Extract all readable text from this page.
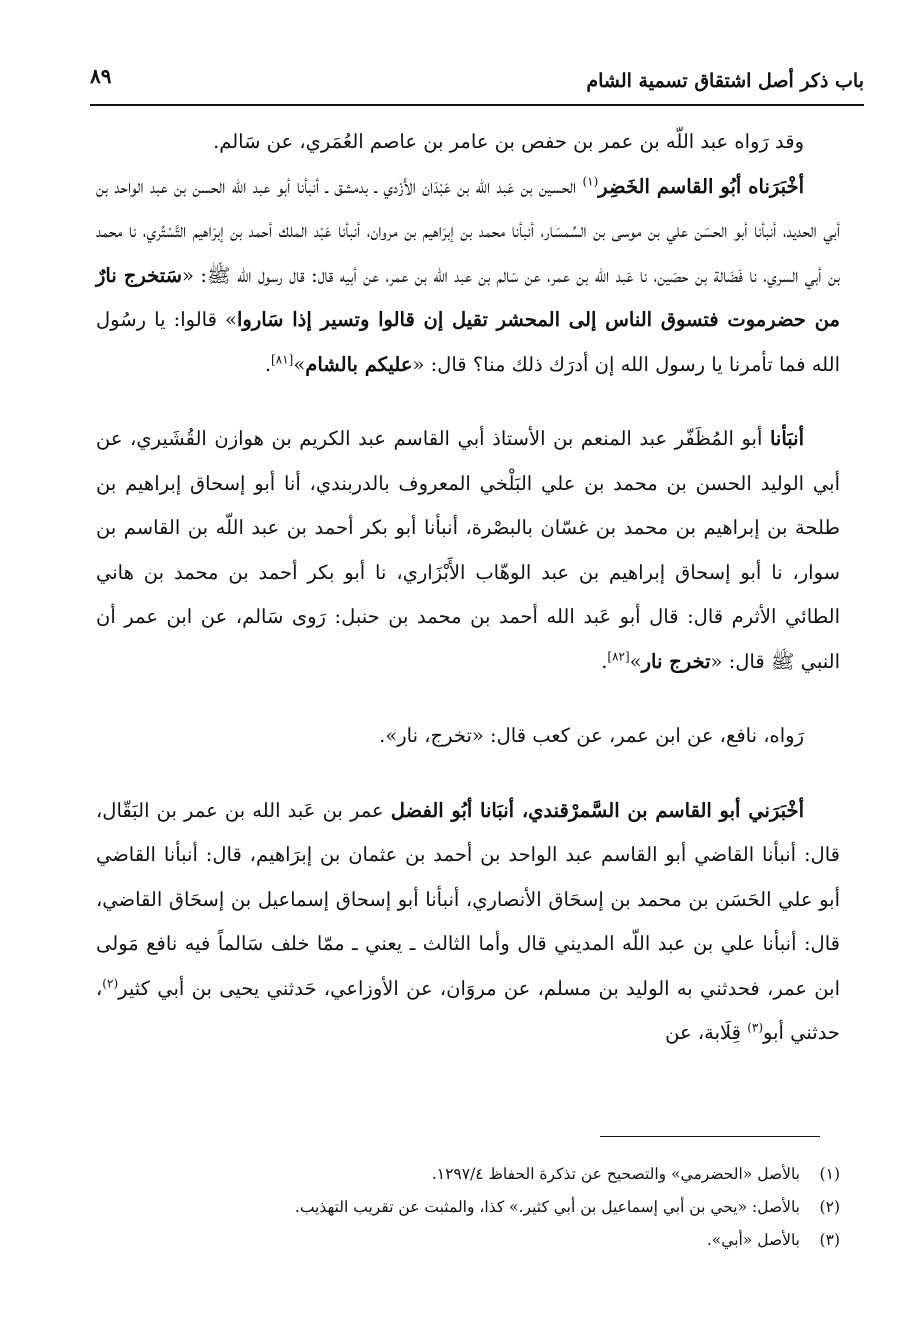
باب ذكر أصل اشتقاق تسمية الشام
٨٩

وقد رَواه عبد اللّه بن عمر بن حفص بن عامر بن عاصم العُمَري، عن سَالم.

أخْبَرَناه أبُو القاسم الخَضِر$^{(١)}$ الحسين بن عَبد الله بن عَبْدَان الأَزْدي ـ بدمشق ـ أنبأنا أبو عبد اللّه الحسن بن عبد الواحد بن أبي الحديد، أنبأنا أبو الحسَن علي بن موسى بن السِّمسَار، أنبأنا محمد بن إبرَاهيم بن مروان، أنبأنا عَبْد الملك أحمد بن إبرَاهيم التَّسْتُري، نا محمد بن أبي السري، نا فَضَالة بن حصَين، نا عَبد الله بن عمر، عن سَالم بن عبد اللّه بن عمر، عن أبيه قال: قال رسول الله ﷺ: «سَتخرج نارٌ من حضرموت فتسوق الناس إلى المحشر تقيل إن قالوا وتسير إذا سَاروا» قالوا: يا رسُول الله فما تأمرنا يا رسول الله إن أدرَك ذلك منا؟ قال: «عليكم بالشام»[٨١].

أنبَأنا أبو المُظَفّر عبد المنعم بن الأستاذ أبي القاسم عبد الكريم بن هوازن القُشَيري، عن أبي الوليد الحسن بن محمد بن علي البَلْخي المعروف بالدربندي، أنا أبو إسحاق إبراهيم بن طلحة بن إبراهيم بن محمد بن غسّان بالبصْرة، أنبأنا أبو بكر أحمد بن عبد اللّه بن القاسم بن سوار، نا أبو إسحاق إبراهيم بن عبد الوهّاب الأَبْزَاري، نا أبو بكر أحمد بن محمد بن هاني الطائي الأثرم قال: قال أبو عَبد الله أحمد بن محمد بن حنبل: رَوى سَالم، عن ابن عمر أن النبي ﷺ قال: «تخرج نار»[٨٢].

رَواه، نافع، عن ابن عمر، عن كعب قال: «تخرج، نار».

أخْبَرَني أبو القاسم بن السَّمرْقندي، أنبَانا أبُو الفضل عمر بن عَبد الله بن عمر بن البَقّال، قال: أنبأنا القاضي أبو القاسم عبد الواحد بن أحمد بن عثمان بن إبرَاهيم، قال: أنبأنا القاضي أبو علي الحَسَن بن محمد بن إسحَاق الأنصاري، أنبأنا أبو إسحاق إسماعيل بن إسحَاق القاضي، قال: أنبأنا علي بن عبد اللّه المديني قال وأما الثالث ـ يعني ـ ممّا خلف سَالماً فيه نافع مَولى ابن عمر، فحدثني به الوليد بن مسلم، عن مروَان، عن الأوزاعي، حَدثني يحيى بن أبي كثير$^{(٢)}$، حدثني أبو$^{(٣)}$ قِلَابة، عن

(١)بالأصل «الحضرمي» والتصحيح عن تذكرة الحفاظ ١٢٩٧/٤.

(٢)بالأصل: «يحي بن أبي إسماعيل بن أبي كثير.» كذا، والمثبت عن تقريب التهذيب.

(٣)بالأصل «أبي».
